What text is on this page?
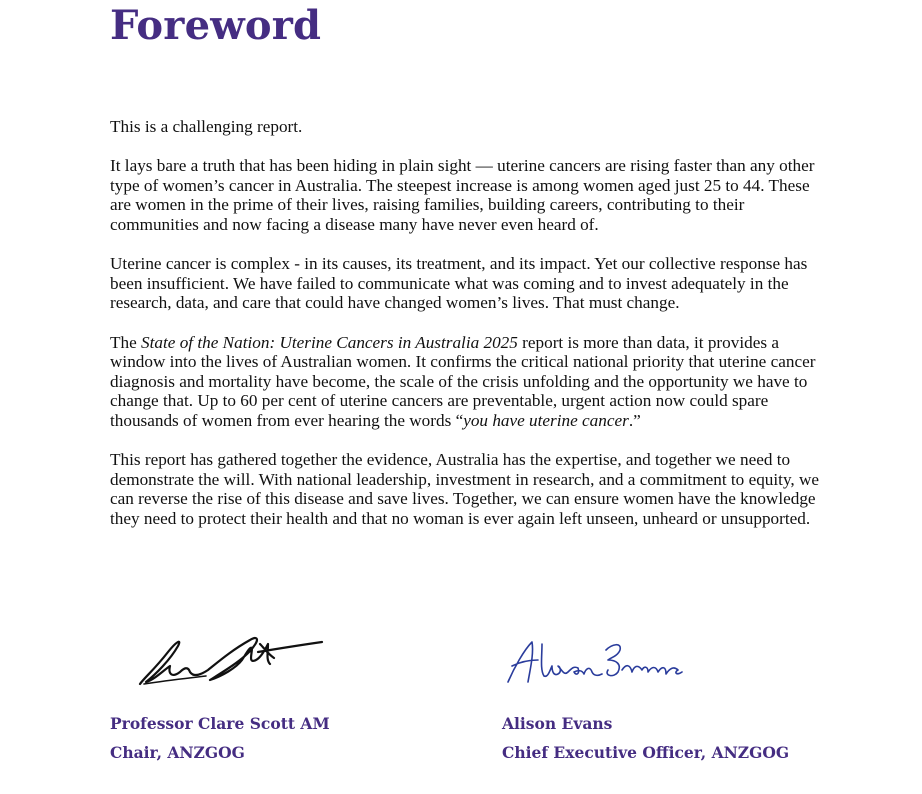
Foreword

This is a challenging report.

It lays bare a truth that has been hiding in plain sight — uterine cancers are rising faster than any other type of women’s cancer in Australia. The steepest increase is among women aged just 25 to 44. These are women in the prime of their lives, raising families, building careers, contributing to their communities and now facing a disease many have never even heard of.

Uterine cancer is complex - in its causes, its treatment, and its impact. Yet our collective response has been insufficient. We have failed to communicate what was coming and to invest adequately in the research, data, and care that could have changed women’s lives. That must change.

The State of the Nation: Uterine Cancers in Australia 2025 report is more than data, it provides a window into the lives of Australian women. It confirms the critical national priority that uterine cancer diagnosis and mortality have become, the scale of the crisis unfolding and the opportunity we have to change that. Up to 60 per cent of uterine cancers are preventable, urgent action now could spare thousands of women from ever hearing the words “you have uterine cancer.”

This report has gathered together the evidence, Australia has the expertise, and together we need to demonstrate the will. With national leadership, investment in research, and a commitment to equity, we can reverse the rise of this disease and save lives. Together, we can ensure women have the knowledge they need to protect their health and that no woman is ever again left unseen, unheard or unsupported.

Professor Clare Scott AM
Chair, ANZGOG
Alison Evans
Chief Executive Officer, ANZGOG
